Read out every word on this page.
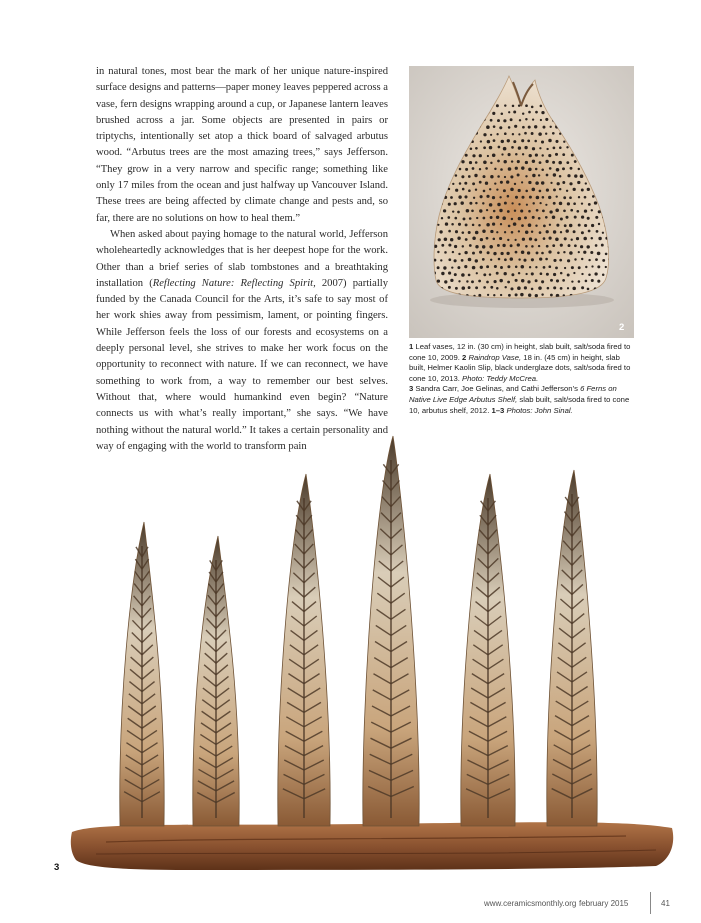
in natural tones, most bear the mark of her unique nature-inspired surface designs and patterns—paper money leaves peppered across a vase, fern designs wrapping around a cup, or Japanese lantern leaves brushed across a jar. Some objects are presented in pairs or triptychs, intentionally set atop a thick board of salvaged arbutus wood. “Arbutus trees are the most amazing trees,” says Jefferson. “They grow in a very narrow and specific range; something like only 17 miles from the ocean and just halfway up Vancouver Island. These trees are being affected by climate change and pests and, so far, there are no solutions on how to heal them.”

When asked about paying homage to the natural world, Jefferson wholeheartedly acknowledges that is her deepest hope for the work. Other than a brief series of slab tombstones and a breathtaking installation (Reflecting Nature: Reflecting Spirit, 2007) partially funded by the Canada Council for the Arts, it’s safe to say most of her work shies away from pessimism, lament, or pointing fingers. While Jefferson feels the loss of our forests and ecosystems on a deeply personal level, she strives to make her work focus on the opportunity to reconnect with nature. If we can reconnect, we have something to work from, a way to remember our best selves. Without that, where would humankind even begin? “Nature connects us with what’s really important,” she says. “We have nothing without the natural world.” It takes a certain personality and way of engaging with the world to transform pain

2

1 Leaf vases, 12 in. (30 cm) in height, slab built, salt/soda fired to cone 10, 2009. 2 Raindrop Vase, 18 in. (45 cm) in height, slab built, Helmer Kaolin Slip, black underglaze dots, salt/soda fired to cone 10, 2013. Photo: Teddy McCrea.

3 Sandra Carr, Joe Gelinas, and Cathi Jefferson’s 6 Ferns on Native Live Edge Arbutus Shelf, slab built, salt/soda fired to cone 10, arbutus shelf, 2012. 1–3 Photos: John Sinal.

3
www.ceramicsmonthly.org february 2015	41
